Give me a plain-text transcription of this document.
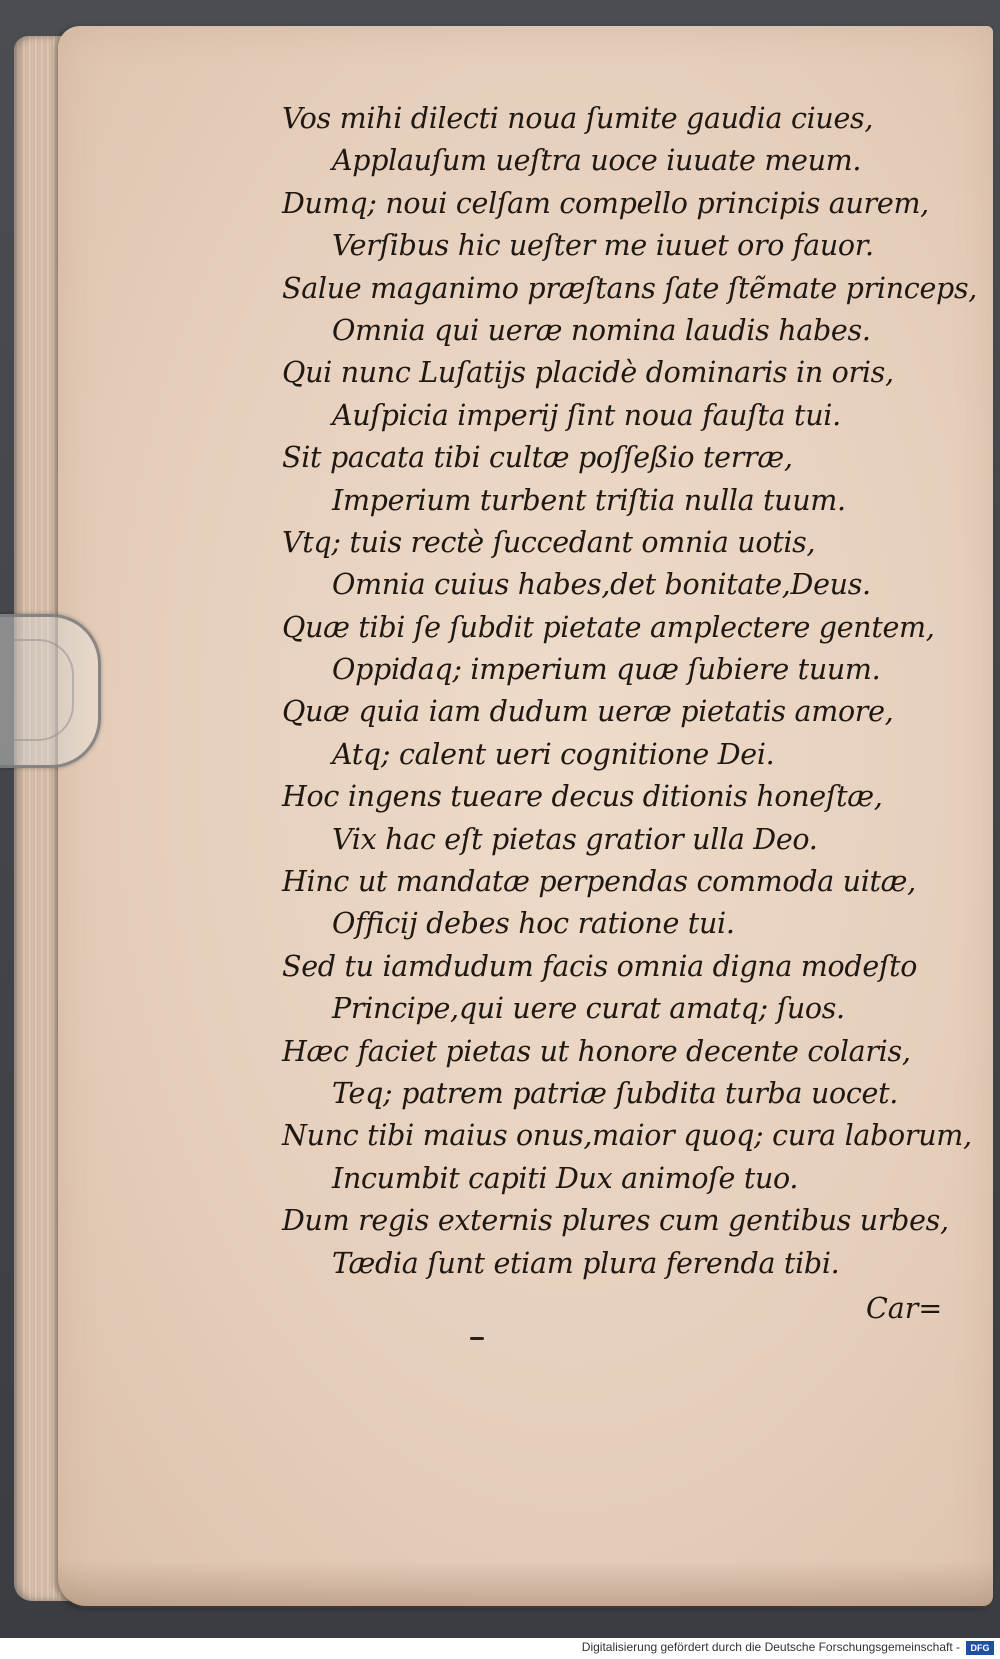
Vos mihi dilecti noua ſumite gaudia ciues,
Applauſum ueſtra uoce iuuate meum.
Dumq; noui celſam compello principis aurem,
Verſibus hic ueſter me iuuet oro fauor.
Salue maganimo præſtans ſate ſtẽmate princeps,
Omnia qui ueræ nomina laudis habes.
Qui nunc Luſatijs placidè dominaris in oris,
Auſpicia imperij ſint noua fauſta tui.
Sit pacata tibi cultæ poſſeßio terræ,
Imperium turbent triſtia nulla tuum.
Vtq; tuis rectè ſuccedant omnia uotis,
Omnia cuius habes,det bonitate,Deus.
Quæ tibi ſe ſubdit pietate amplectere gentem,
Oppidaq; imperium quæ ſubiere tuum.
Quæ quia iam dudum ueræ pietatis amore,
Atq; calent ueri cognitione Dei.
Hoc ingens tueare decus ditionis honeſtæ,
Vix hac eſt pietas gratior ulla Deo.
Hinc ut mandatæ perpendas commoda uitæ,
Officij debes hoc ratione tui.
Sed tu iamdudum facis omnia digna modeſto
Principe,qui uere curat amatq; ſuos.
Hæc faciet pietas ut honore decente colaris,
Teq; patrem patriæ ſubdita turba uocet.
Nunc tibi maius onus,maior quoq; cura laborum,
Incumbit capiti Dux animoſe tuo.
Dum regis externis plures cum gentibus urbes,
Tædia ſunt etiam plura ferenda tibi.
Car=
Digitalisierung gefördert durch die Deutsche Forschungsgemeinschaft -	DFG
